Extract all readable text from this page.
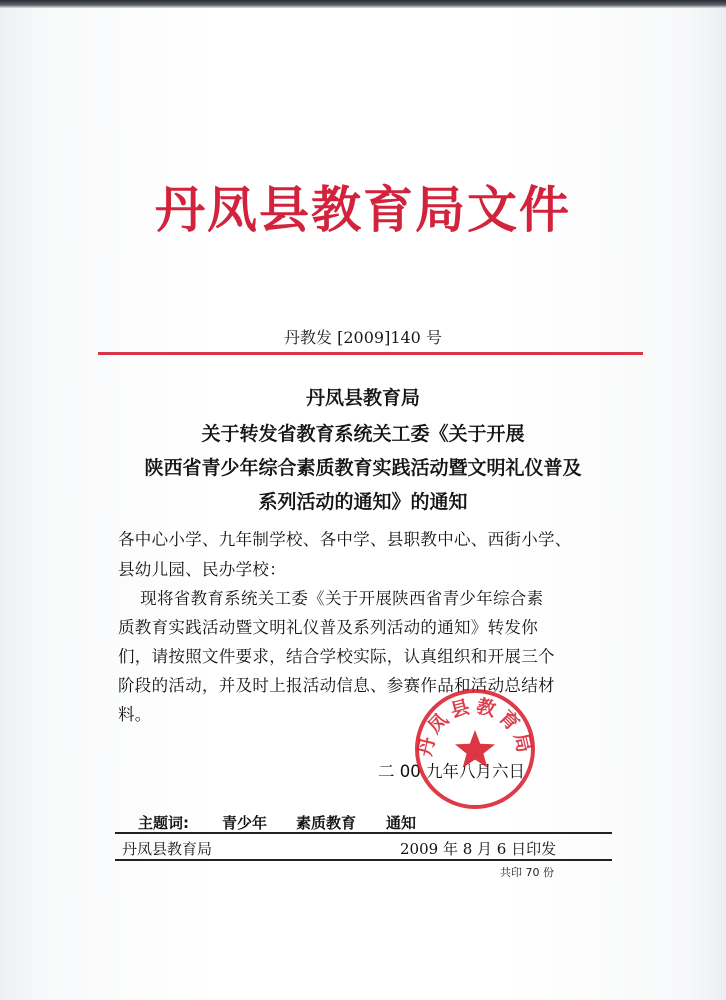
丹凤县教育局文件
丹教发 [2009]140 号
丹凤县教育局
关于转发省教育系统关工委《关于开展
陕西省青少年综合素质教育实践活动暨文明礼仪普及
系列活动的通知》的通知
各中心小学、九年制学校、各中学、县职教中心、西街小学、
县幼儿园、民办学校：
现将省教育系统关工委《关于开展陕西省青少年综合素
质教育实践活动暨文明礼仪普及系列活动的通知》转发你
们，请按照文件要求，结合学校实际，认真组织和开展三个
阶段的活动，并及时上报活动信息、参赛作品和活动总结材
料。
二 00 九年八月六日
丹凤县教育局
主题词: 青少年 素质教育 通知
丹凤县教育局	2009 年 8 月 6 日印发
共印 70 份
